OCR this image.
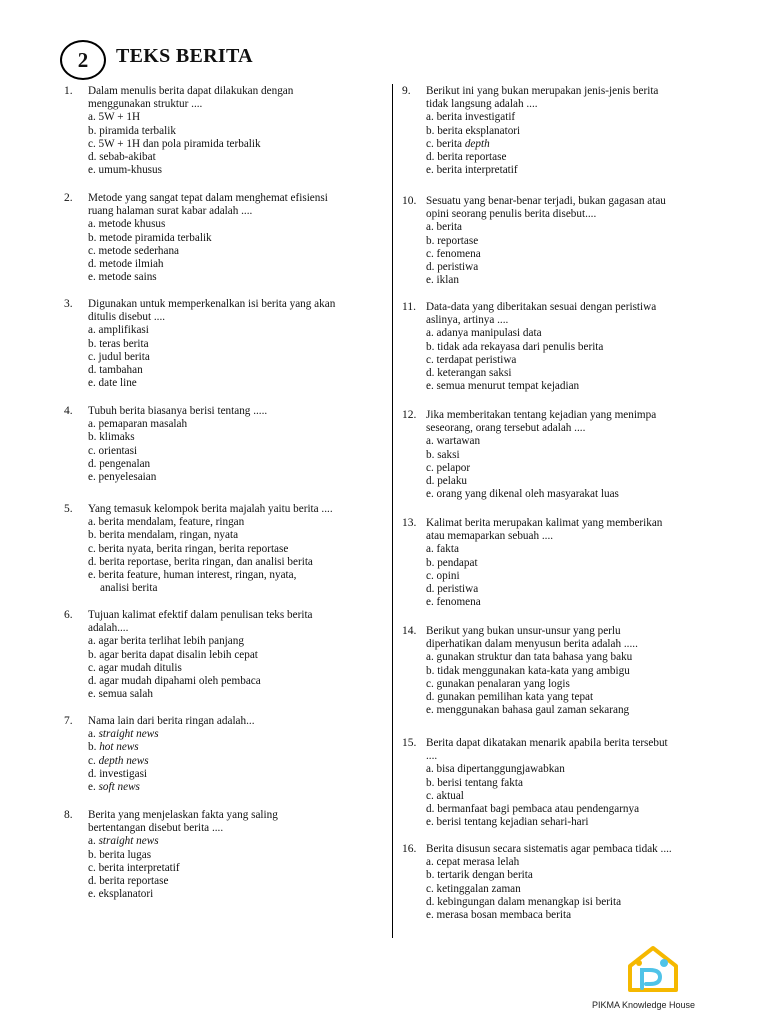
2 TEKS BERITA
1.	Dalam menulis berita dapat dilakukan dengan
menggunakan struktur ....
a. 5W + 1H
b. piramida terbalik
c. 5W + 1H dan pola piramida terbalik
d. sebab-akibat
e. umum-khusus
2.	Metode yang sangat tepat dalam menghemat efisiensi
ruang halaman surat kabar adalah ....
a. metode khusus
b. metode piramida terbalik
c. metode sederhana
d. metode ilmiah
e. metode sains
3.	Digunakan untuk memperkenalkan isi berita yang akan
ditulis disebut ....
a. amplifikasi
b. teras berita
c. judul berita
d. tambahan
e. date line
4.	Tubuh berita biasanya berisi tentang .....
a. pemaparan masalah
b. klimaks
c. orientasi
d. pengenalan
e. penyelesaian
5.	Yang temasuk kelompok berita majalah yaitu berita ....
a. berita mendalam, feature, ringan
b. berita mendalam, ringan, nyata
c. berita nyata, berita ringan, berita reportase
d. berita reportase, berita ringan, dan analisi berita
e. berita feature, human interest, ringan, nyata,
analisi berita
6.	Tujuan kalimat efektif dalam penulisan teks berita
adalah....
a. agar berita terlihat lebih panjang
b. agar berita dapat disalin lebih cepat
c. agar mudah ditulis
d. agar mudah dipahami oleh pembaca
e. semua salah
7.	Nama lain dari berita ringan adalah...
a. straight news
b. hot news
c. depth news
d. investigasi
e. soft news
8.	Berita yang menjelaskan fakta yang saling
bertentangan disebut berita ....
a. straight news
b. berita lugas
c. berita interpretatif
d. berita reportase
e. eksplanatori
9.	Berikut ini yang bukan merupakan jenis-jenis berita
tidak langsung adalah ....
a. berita investigatif
b. berita eksplanatori
c. berita depth
d. berita reportase
e. berita interpretatif
10. Sesuatu yang benar-benar terjadi, bukan gagasan atau
opini seorang penulis berita disebut....
a. berita
b. reportase
c. fenomena
d. peristiwa
e. iklan
11. Data-data yang diberitakan sesuai dengan peristiwa
aslinya, artinya ....
a. adanya manipulasi data
b. tidak ada rekayasa dari penulis berita
c. terdapat peristiwa
d. keterangan saksi
e. semua menurut tempat kejadian
12. Jika memberitakan tentang kejadian yang menimpa
seseorang, orang tersebut adalah ....
a. wartawan
b. saksi
c. pelapor
d. pelaku
e. orang yang dikenal oleh masyarakat luas
13. Kalimat berita merupakan kalimat yang memberikan
atau memaparkan sebuah ....
a. fakta
b. pendapat
c. opini
d. peristiwa
e. fenomena
14. Berikut yang bukan unsur-unsur yang perlu
diperhatikan dalam menyusun berita adalah .....
a. gunakan struktur dan tata bahasa yang baku
b. tidak menggunakan kata-kata yang ambigu
c. gunakan penalaran yang logis
d. gunakan pemilihan kata yang tepat
e. menggunakan bahasa gaul zaman sekarang
15. Berita dapat dikatakan menarik apabila berita tersebut
....
a. bisa dipertanggungjawabkan
b. berisi tentang fakta
c. aktual
d. bermanfaat bagi pembaca atau pendengarnya
e. berisi tentang kejadian sehari-hari
16. Berita disusun secara sistematis agar pembaca tidak ....
a. cepat merasa lelah
b. tertarik dengan berita
c. ketinggalan zaman
d. kebingungan dalam menangkap isi berita
e. merasa bosan membaca berita
PIKMA Knowledge House
